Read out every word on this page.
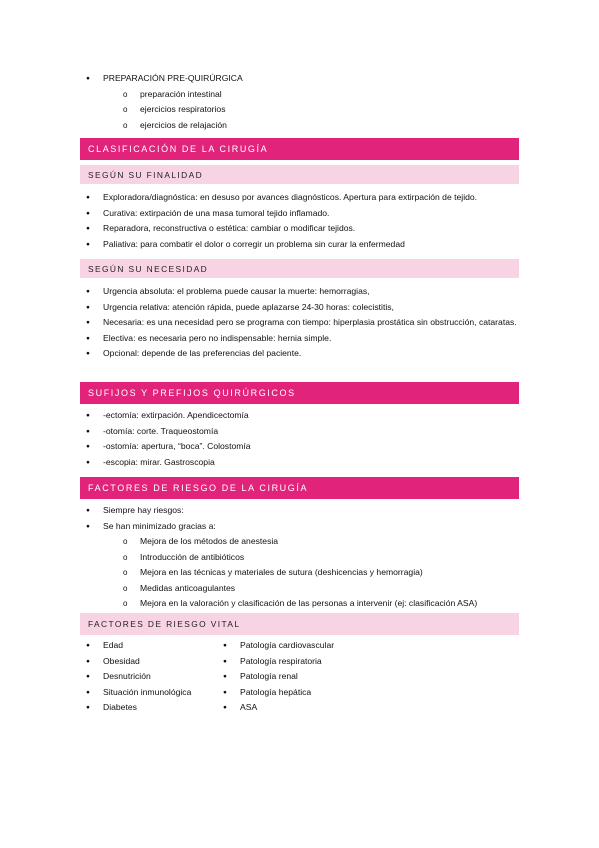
● PREPARACIÓN PRE-QUIRÚRGICA
o preparación intestinal
o ejercicios respiratorios
o ejercicios de relajación
CLASIFICACIÓN DE LA CIRUGÍA
SEGÚN SU FINALIDAD
● Exploradora/diagnóstica: en desuso por avances diagnósticos. Apertura para extirpación de tejido.
● Curativa: extirpación de una masa tumoral tejido inflamado.
● Reparadora, reconstructiva o estética: cambiar o modificar tejidos.
● Paliativa: para combatir el dolor o corregir un problema sin curar la enfermedad
SEGÚN SU NECESIDAD
● Urgencia absoluta: el problema puede causar la muerte: hemorragias,
● Urgencia relativa: atención rápida, puede aplazarse 24-30 horas: colecistitis,
● Necesaria: es una necesidad pero se programa con tiempo: hiperplasia prostática sin obstrucción, cataratas.
● Electiva: es necesaria pero no indispensable: hernia simple.
● Opcional: depende de las preferencias del paciente.
SUFIJOS Y PREFIJOS QUIRÚRGICOS
● -ectomía: extirpación. Apendicectomía
● -otomía: corte. Traqueostomía
● -ostomía: apertura, “boca”. Colostomía
● -escopia: mirar. Gastroscopia
FACTORES DE RIESGO DE LA CIRUGÍA
● Siempre hay riesgos:
● Se han minimizado gracias a:
o Mejora de los métodos de anestesia
o Introducción de antibióticos
o Mejora en las técnicas y materiales de sutura (deshicencias y hemorragia)
o Medidas anticoagulantes
o Mejora en la valoración y clasificación de las personas a intervenir (ej: clasificación ASA)
FACTORES DE RIESGO VITAL
● Edad
● Obesidad
● Desnutrición
● Situación inmunológica
● Diabetes
● Patología cardiovascular
● Patología respiratoria
● Patología renal
● Patología hepática
● ASA
